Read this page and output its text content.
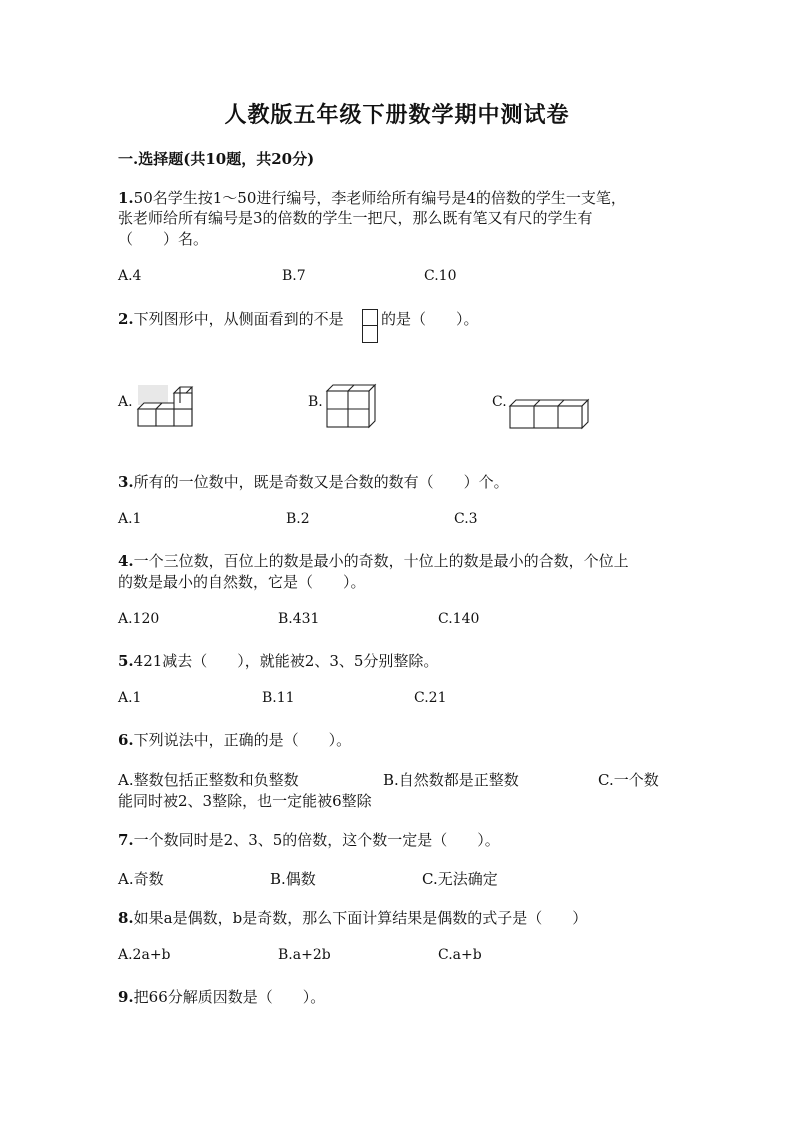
人教版五年级下册数学期中测试卷
一.选择题(共10题，共20分)
1.50名学生按1～50进行编号，李老师给所有编号是4的倍数的学生一支笔，
张老师给所有编号是3的倍数的学生一把尺，那么既有笔又有尺的学生有
（　　）名。
A.4	B.7	C.10
2.下列图形中，从侧面看到的不是 的是（　　）。
A.	B.	C.
3.所有的一位数中，既是奇数又是合数的数有（　　）个。
A.1	B.2	C.3
4.一个三位数，百位上的数是最小的奇数，十位上的数是最小的合数，个位上
的数是最小的自然数，它是（　　）。
A.120	B.431	C.140
5.421减去（　　），就能被2、3、5分别整除。
A.1	B.11	C.21
6.下列说法中，正确的是（　　）。
A.整数包括正整数和负整数	B.自然数都是正整数	C.一个数
能同时被2、3整除，也一定能被6整除
7.一个数同时是2、3、5的倍数，这个数一定是（　　）。
A.奇数	B.偶数	C.无法确定
8.如果a是偶数，b是奇数，那么下面计算结果是偶数的式子是（　　）
A.2a+b	B.a+2b	C.a+b
9.把66分解质因数是（　　）。
